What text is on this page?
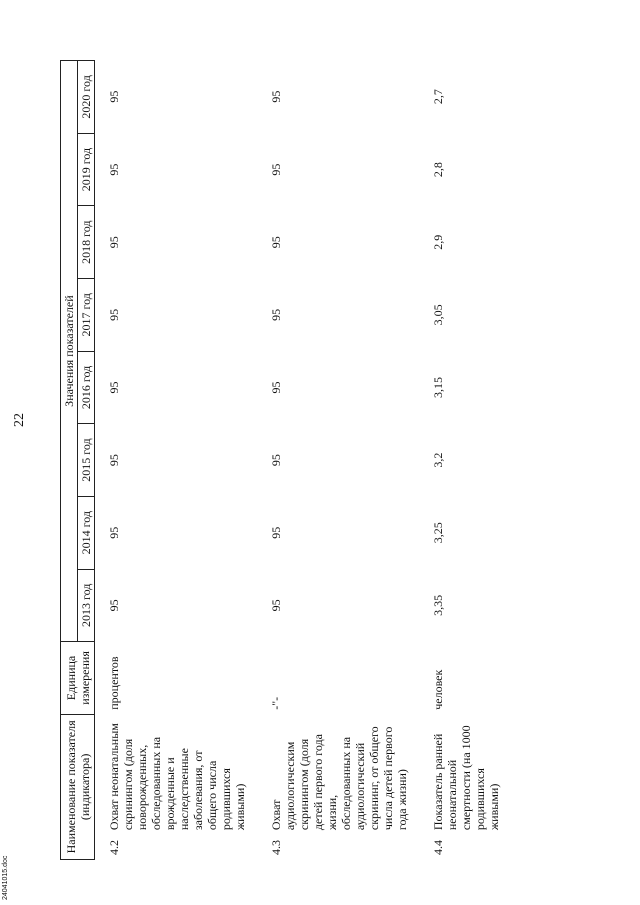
22
Наименование показателя (индикатора)		Единица измерения	Значения показателей							
			2013 год	2014 год	2015 год	2016 год	2017 год	2018 год	2019 год	2020 год
4.2	Охват неонатальным скринингом (доля новорожденных, обследованных на врожденные и наследственные заболевания, от общего числа родившихся живыми)	процентов	95	95	95	95	95	95	95	95
4.3	Охват аудиологическим скринингом (доля детей первого года жизни, обследованных на аудиологический скрининг, от общего числа детей первого года жизни)	-"-	95	95	95	95	95	95	95	95
4.4	Показатель ранней неонатальной смертности (на 1000 родившихся живыми)	человек	3,35	3,25	3,2	3,15	3,05	2,9	2,8	2,7
24041015.doc
